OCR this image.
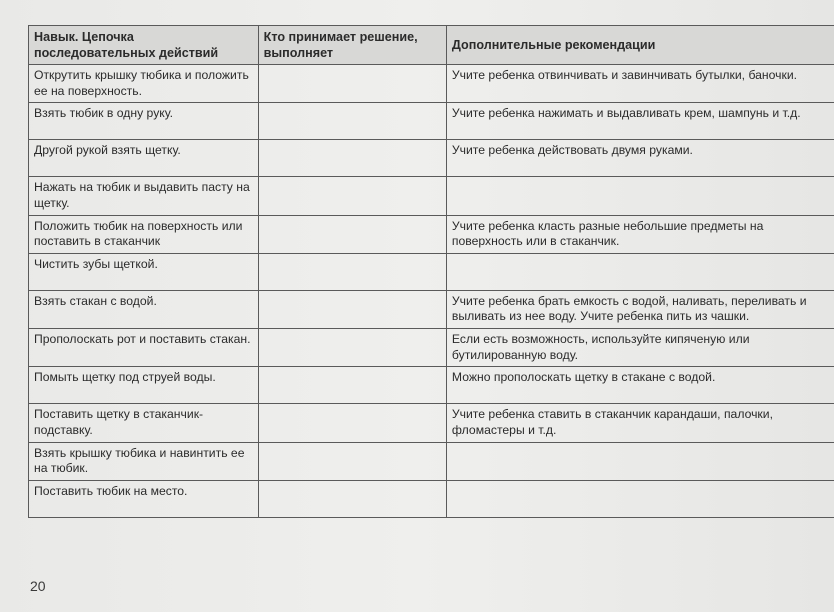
Навык. Цепочка последовательных действий	Кто принимает решение, выполняет	Дополнительные рекомендации
Открутить крышку тюбика и положить ее на поверхность.		Учите ребенка отвинчивать и завинчивать бутылки, баночки.
Взять тюбик в одну руку.		Учите ребенка нажимать и выдавливать крем, шампунь и т.д.
Другой рукой взять щетку.		Учите ребенка действовать двумя руками.
Нажать на тюбик и выдавить пасту на щетку.		
Положить тюбик на поверхность или поставить в стаканчик		Учите ребенка класть разные небольшие предметы на поверхность или в стаканчик.
Чистить зубы щеткой.		
Взять стакан с водой.		Учите ребенка брать емкость с водой, наливать, переливать и выливать из нее воду. Учите ребенка пить из чашки.
Прополоскать рот и поставить стакан.		Если есть возможность, используйте кипяченую или бутилированную воду.
Помыть щетку под струей воды.		Можно прополоскать щетку в стакане с водой.
Поставить щетку в стаканчик-подставку.		Учите ребенка ставить в стаканчик карандаши, палочки, фломастеры и т.д.
Взять крышку тюбика и навинтить ее на тюбик.		
Поставить тюбик на место.		
20
